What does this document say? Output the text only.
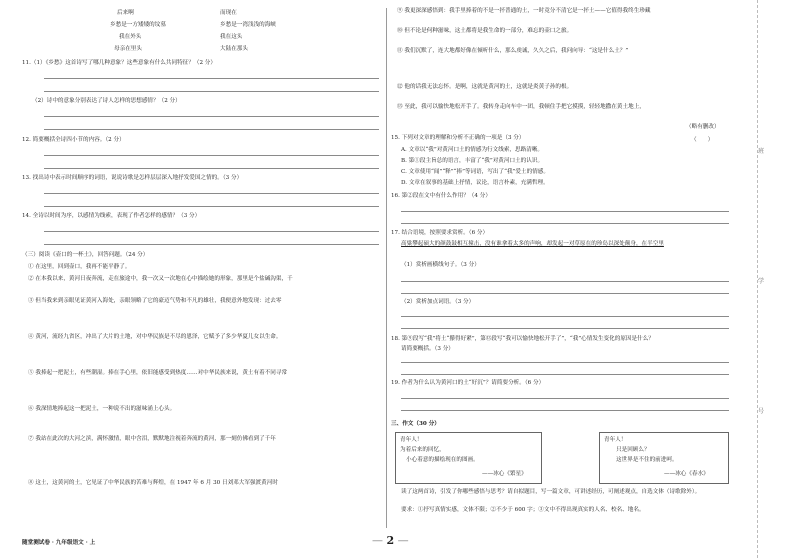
后来啊	而现在
乡愁是一方矮矮的坟墓	乡愁是一湾浅浅的海峡
我在外头	我在这头
母亲在里头	大陆在那头
11.（1）《乡愁》这首诗写了哪几种意象？这些意象有什么共同特征？（2 分）
（2）诗中的意象分别表达了诗人怎样的思想感情？（2 分）
12. 简要概括全诗四小节的内容。（2 分）
13. 找出诗中表示时间顺序的词语，说说诗歌是怎样层层深入地抒发爱国之情的。（3 分）
14. 全诗以时间为序，以感情为线索，表现了作者怎样的感情？（3 分）
（三）阅读《壶口的一杯土》，回答问题。（24 分）
① 在这里，回到壶口，我再不能平静了。
② 在本我以来，黄河日夜奔流，走在旅途中，我一次又一次地在心中描绘她的形象，那里是个盐碱沟渠，千
③ 但当我来到亲眼见证黄河入海处，亲眼领略了它的豪迈气势和不凡的雄壮，我便意外地发现：过去零
④ 黄河，流经九省区，冲出了大片的土地，对中华民族是不尽的恩泽，它赋予了多少华夏儿女以生命。
⑤ 我捧起一把泥土，有些潮湿。捧在手心里，依旧能感受到热度……对中华民族来说，黄土有着不同寻常
⑥ 我深情地捧起这一把泥土，一种说不出的滋味涌上心头。
⑦ 我站在此次的大河之滨，满怀激情，眼中含泪，默默地注视着奔流的黄河，那一刻仿佛看到了千年
⑧ 这土，这黄河的土，它见证了中华民族的苦难与辉煌，在 1947 年 6 月 30 日刘邓大军强渡黄河时
⑨ 我更深深感悟到：我手里捧着的不是一抔普通的土，一时竟分不清它是一抔土——它值得我终生珍藏
⑩ 但不论是何种滋味，这土都将是我生命的一部分，难忘的壶口之旅。
⑪ 我们沉默了，连大地都好像在倾听什么，那么虔诚，久久之后，我问向导：“这是什么土？”
⑫ 他的话我无法忘怀。是啊，这就是黄河的土，这就是炎黄子孙的根。
⑬ 至此，我可以愉快地松开手了。我转身走向车中一团，我顿住手把它摸摸，轻轻地撒在黄土地上，
（略有删改）
15. 下列对文章的理解和分析不正确的一项是（3 分）	（　　）
A. 文章以“我”对黄河口土的情感为行文线索，思路清晰。
B. 第①段主旨总的语言，丰富了“我”对黄河口土的认识。
C. 文章使用“闻”“释”“捧”等词语，写出了“我”爱土的情感。
D. 文章在叙事的基础上抒情，议论，语言朴素，充满哲理。
16. 第②段在文中有什么作用？（4 分）
17. 结合语境，按照要求赏析。（6 分）
高粱攀起硕大的颜鼓鼓相互撞击，没有谁拿着太多的声响，却发起一对草原在的珍岛以深处颠身，在半空里
（1）赏析画横线句子。（3 分）
（2）赏析加点词语。（3 分）
18. 第⑨段写“我”将土“攥得好紧”，第⑬段写“我可以愉快地松开手了”，“我”心情发生变化的原因是什么？
请简要概括。（3 分）
19. 作者为什么认为黄河口的土“好沉”？请简要分析。（6 分）
三、作文（30 分）
青年人！
为着后来的回忆，
小心着意的描绘现在的图画。
——冰心《繁星》
青年人！
只是回顾么？
这世界是不住的前进呵。
——冰心《春水》
读了这两首诗，引发了你哪些感悟与思考？请自拟题目，写一篇文章，可讲述经历，可阐述观点，自选文体（诗歌除外）。
要求：①抒写真情实感，文体不限；②不少于 600 字；③文中不得出现真实的人名、校名、地名。
随堂测试卷 · 九年级语文 · 上	— 2 —
班
学
号
